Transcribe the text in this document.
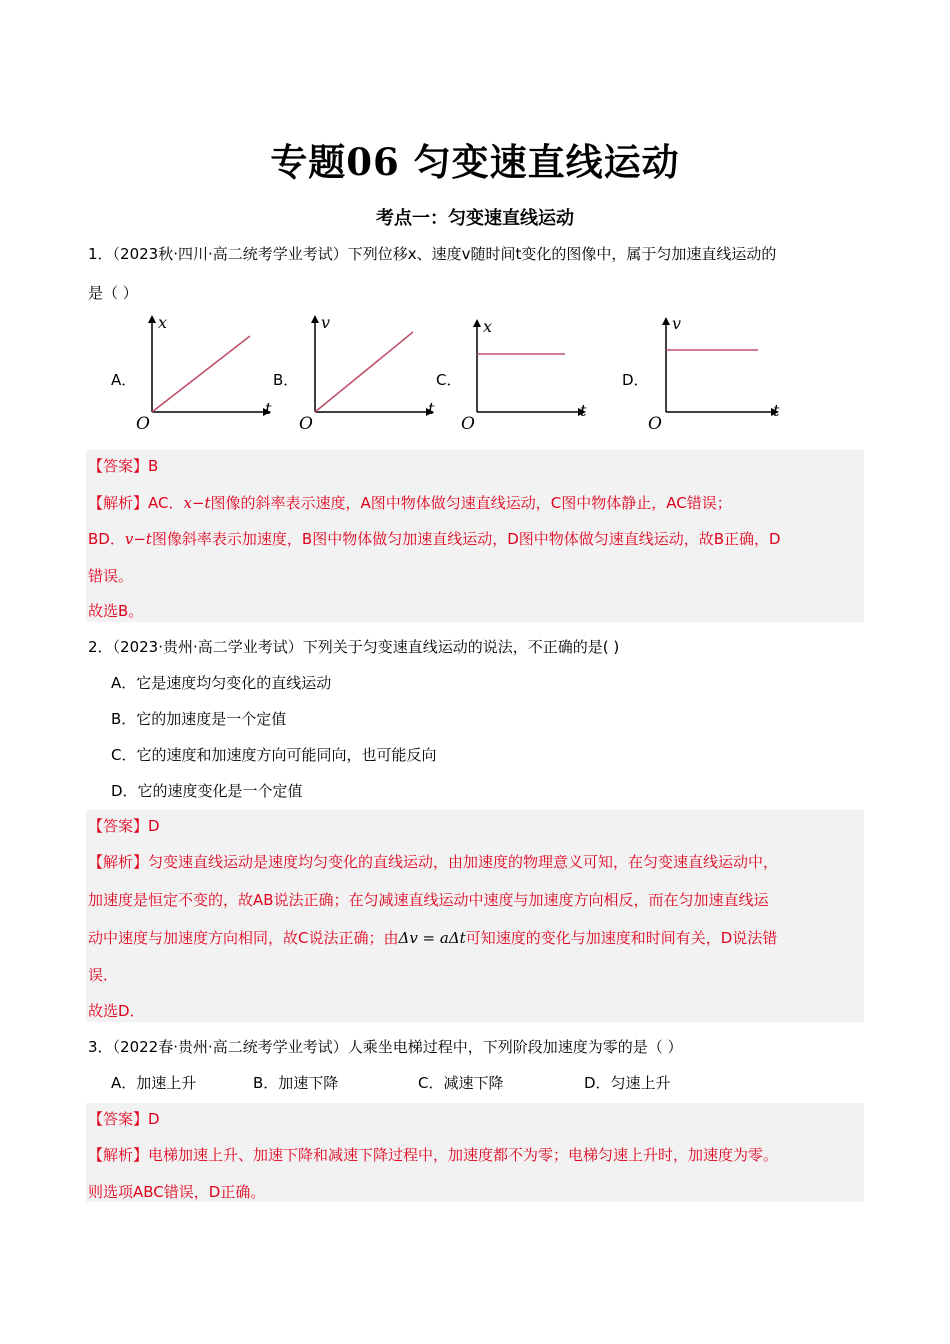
专题06 匀变速直线运动
考点一：匀变速直线运动
1．（2023秋·四川·高二统考学业考试）下列位移x、速度v随时间t变化的图像中，属于匀加速直线运动的
是（ ）
A．	B．	C．	D．
x
t
O
v
t
O
x
t
O
v
t
O
【答案】B
【解析】AC．x−t图像的斜率表示速度，A图中物体做匀速直线运动，C图中物体静止，AC错误；
BD．v−t图像斜率表示加速度，B图中物体做匀加速直线运动，D图中物体做匀速直线运动，故B正确，D
错误。
故选B。
2．（2023·贵州·高二学业考试）下列关于匀变速直线运动的说法，不正确的是( )
A．它是速度均匀变化的直线运动
B．它的加速度是一个定值
C．它的速度和加速度方向可能同向，也可能反向
D．它的速度变化是一个定值
【答案】D
【解析】匀变速直线运动是速度均匀变化的直线运动，由加速度的物理意义可知，在匀变速直线运动中，
加速度是恒定不变的，故AB说法正确；在匀减速直线运动中速度与加速度方向相反，而在匀加速直线运
动中速度与加速度方向相同，故C说法正确；由Δv = aΔt可知速度的变化与加速度和时间有关，D说法错
误．
故选D．
3．（2022春·贵州·高二统考学业考试）人乘坐电梯过程中，下列阶段加速度为零的是（ ）
A．加速上升	B．加速下降	C．减速下降	D．匀速上升
【答案】D
【解析】电梯加速上升、加速下降和减速下降过程中，加速度都不为零；电梯匀速上升时，加速度为零。
则选项ABC错误，D正确。
